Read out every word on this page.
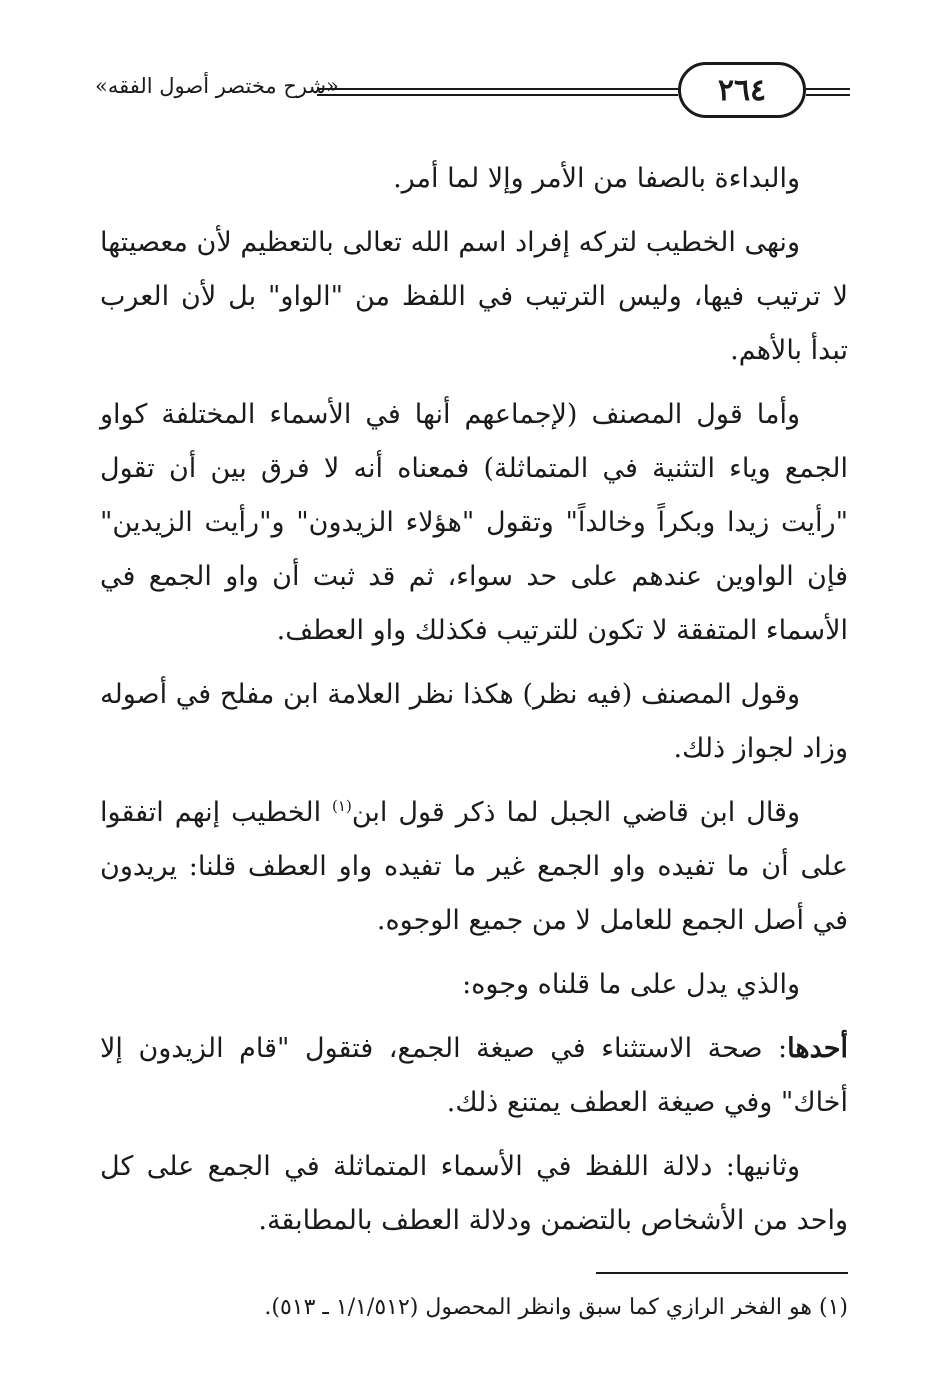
«شرح مختصر أصول الفقه»	٢٦٤

والبداءة بالصفا من الأمر وإلا لما أمر.

ونهى الخطيب لتركه إفراد اسم الله تعالى بالتعظيم لأن معصيتها لا ترتيب فيها، وليس الترتيب في اللفظ من "الواو" بل لأن العرب تبدأ بالأهم.

وأما قول المصنف (لإجماعهم أنها في الأسماء المختلفة كواو الجمع وياء التثنية في المتماثلة) فمعناه أنه لا فرق بين أن تقول "رأيت زيدا وبكراً وخالداً" وتقول "هؤلاء الزيدون" و"رأيت الزيدين" فإن الواوين عندهم على حد سواء، ثم قد ثبت أن واو الجمع في الأسماء المتفقة لا تكون للترتيب فكذلك واو العطف.

وقول المصنف (فيه نظر) هكذا نظر العلامة ابن مفلح في أصوله وزاد لجواز ذلك.

وقال ابن قاضي الجبل لما ذكر قول ابن$^{(١)}$ الخطيب إنهم اتفقوا على أن ما تفيده واو الجمع غير ما تفيده واو العطف قلنا: يريدون في أصل الجمع للعامل لا من جميع الوجوه.

والذي يدل على ما قلناه وجوه:

أحدها: صحة الاستثناء في صيغة الجمع، فتقول "قام الزيدون إلا أخاك" وفي صيغة العطف يمتنع ذلك.

وثانيها: دلالة اللفظ في الأسماء المتماثلة في الجمع على كل واحد من الأشخاص بالتضمن ودلالة العطف بالمطابقة.

(١) هو الفخر الرازي كما سبق وانظر المحصول (١/١/٥١٢ ـ ٥١٣).
